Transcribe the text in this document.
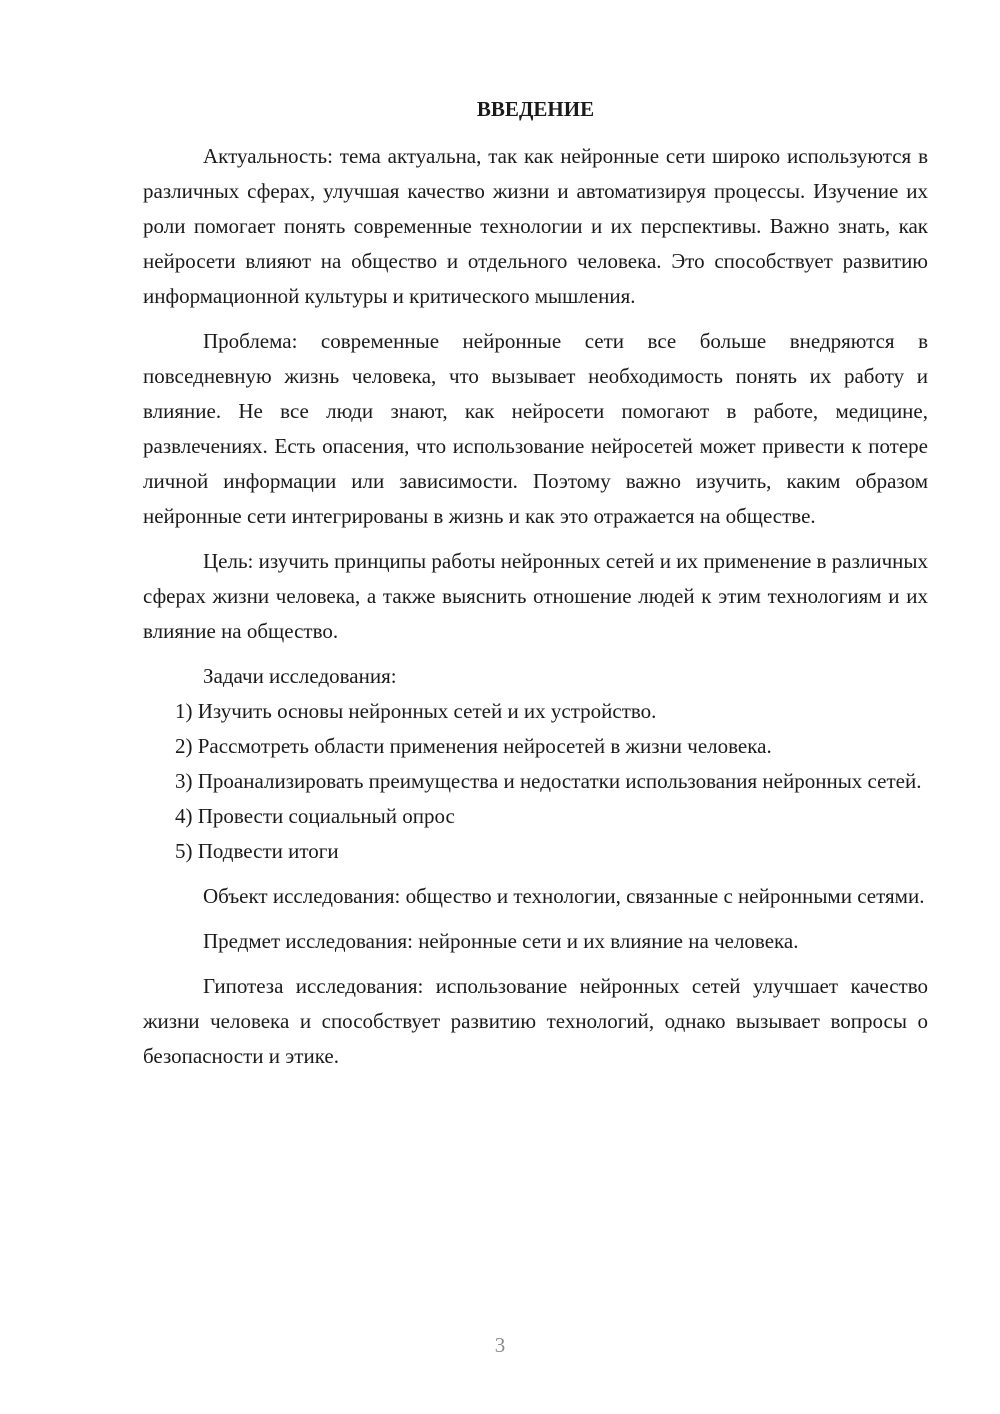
ВВЕДЕНИЕ

Актуальность: тема актуальна, так как нейронные сети широко используются в различных сферах, улучшая качество жизни и автоматизируя процессы. Изучение их роли помогает понять современные технологии и их перспективы. Важно знать, как нейросети влияют на общество и отдельного человека. Это способствует развитию информационной культуры и критического мышления.

Проблема: современные нейронные сети все больше внедряются в повседневную жизнь человека, что вызывает необходимость понять их работу и влияние. Не все люди знают, как нейросети помогают в работе, медицине, развлечениях. Есть опасения, что использование нейросетей может привести к потере личной информации или зависимости. Поэтому важно изучить, каким образом нейронные сети интегрированы в жизнь и как это отражается на обществе.

Цель: изучить принципы работы нейронных сетей и их применение в различных сферах жизни человека, а также выяснить отношение людей к этим технологиям и их влияние на общество.

Задачи исследования:

1) Изучить основы нейронных сетей и их устройство.

2) Рассмотреть области применения нейросетей в жизни человека.

3) Проанализировать преимущества и недостатки использования нейронных сетей.

4) Провести социальный опрос

5) Подвести итоги

Объект исследования: общество и технологии, связанные с нейронными сетями.

Предмет исследования: нейронные сети и их влияние на человека.

Гипотеза исследования: использование нейронных сетей улучшает качество жизни человека и способствует развитию технологий, однако вызывает вопросы о безопасности и этике.

3
